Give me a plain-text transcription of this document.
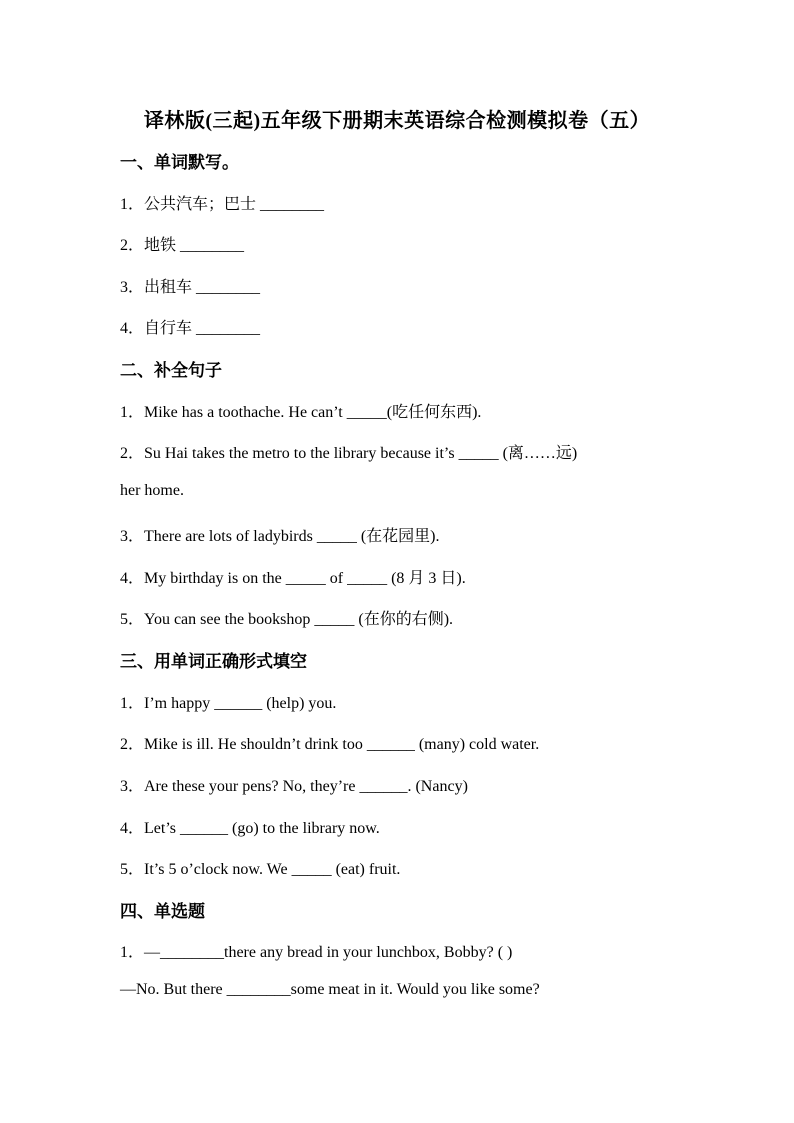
译林版(三起)五年级下册期末英语综合检测模拟卷（五）
一、单词默写。
1．公共汽车；巴士 ________
2．地铁 ________
3．出租车 ________
4．自行车 ________
二、补全句子
1．Mike has a toothache. He can’t _____(吃任何东西).
2．Su Hai takes the metro to the library because it’s _____ (离……远)
her home.
3．There are lots of ladybirds _____ (在花园里).
4．My birthday is on the _____ of _____ (8 月 3 日).
5．You can see the bookshop _____ (在你的右侧).
三、用单词正确形式填空
1．I’m happy ______ (help) you.
2．Mike is ill. He shouldn’t drink too ______ (many) cold water.
3．Are these your pens? No, they’re ______. (Nancy)
4．Let’s ______ (go) to the library now.
5．It’s 5 o’clock now. We _____ (eat) fruit.
四、单选题
1．—________there any bread in your lunchbox, Bobby? ( )
—No. But there ________some meat in it. Would you like some?
